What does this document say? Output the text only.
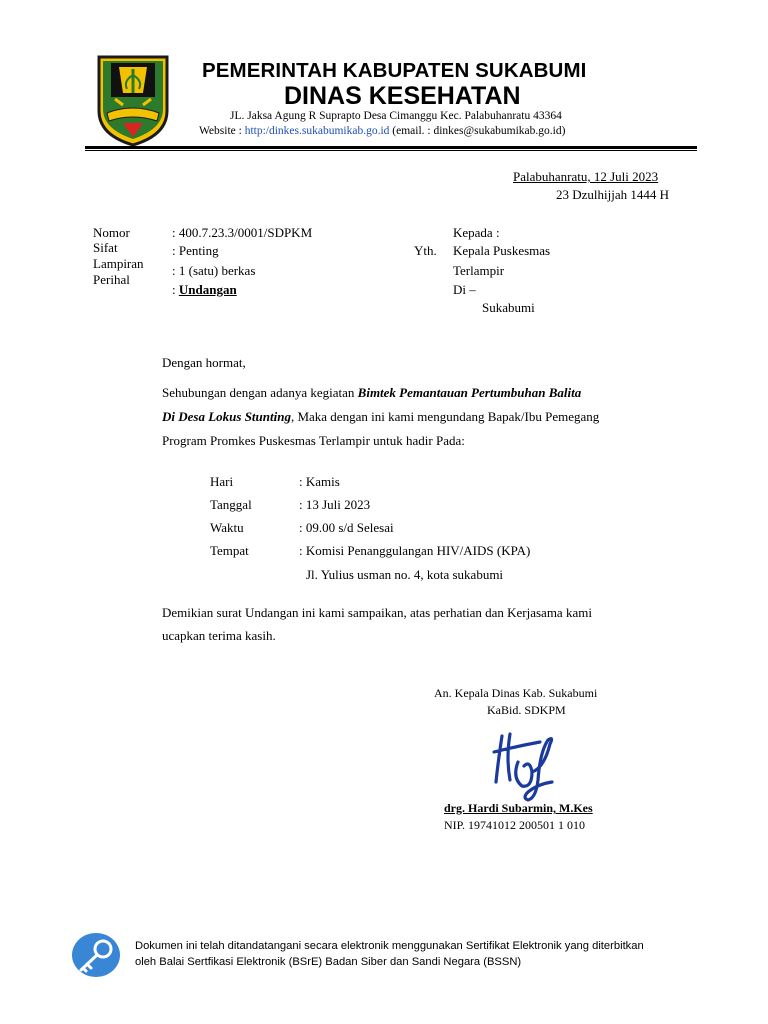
PEMERINTAH KABUPATEN SUKABUMI
DINAS KESEHATAN
JL. Jaksa Agung R Suprapto Desa Cimanggu Kec. Palabuhanratu 43364
Website : http:/dinkes.sukabumikab.go.id (email. : dinkes@sukabumikab.go.id)
Palabuhanratu, 12 Juli 2023
23 Dzulhijjah 1444 H
Nomor	: 400.7.23.3/0001/SDPKM
Sifat	: Penting
Lampiran : 1 (satu) berkas
Perihal
: Undangan
Kepada :
Yth. Kepala Puskesmas
Terlampir
Di –
Sukabumi
Dengan hormat,
Sehubungan dengan adanya kegiatan Bimtek Pemantauan Pertumbuhan Balita
Di Desa Lokus Stunting, Maka dengan ini kami mengundang Bapak/Ibu Pemegang
Program Promkes Puskesmas Terlampir untuk hadir Pada:
Hari	: Kamis
Tanggal	: 13 Juli 2023
Waktu	: 09.00 s/d Selesai
Tempat	: Komisi Penanggulangan HIV/AIDS (KPA)
Jl. Yulius usman no. 4, kota sukabumi
Demikian surat Undangan ini kami sampaikan, atas perhatian dan Kerjasama kami
ucapkan terima kasih.
An. Kepala Dinas Kab. Sukabumi
KaBid. SDKPM
drg. Hardi Subarmin, M.Kes
NIP. 19741012 200501 1 010
Dokumen ini telah ditandatangani secara elektronik menggunakan Sertifikat Elektronik yang diterbitkan
oleh Balai Sertfikasi Elektronik (BSrE) Badan Siber dan Sandi Negara (BSSN)
